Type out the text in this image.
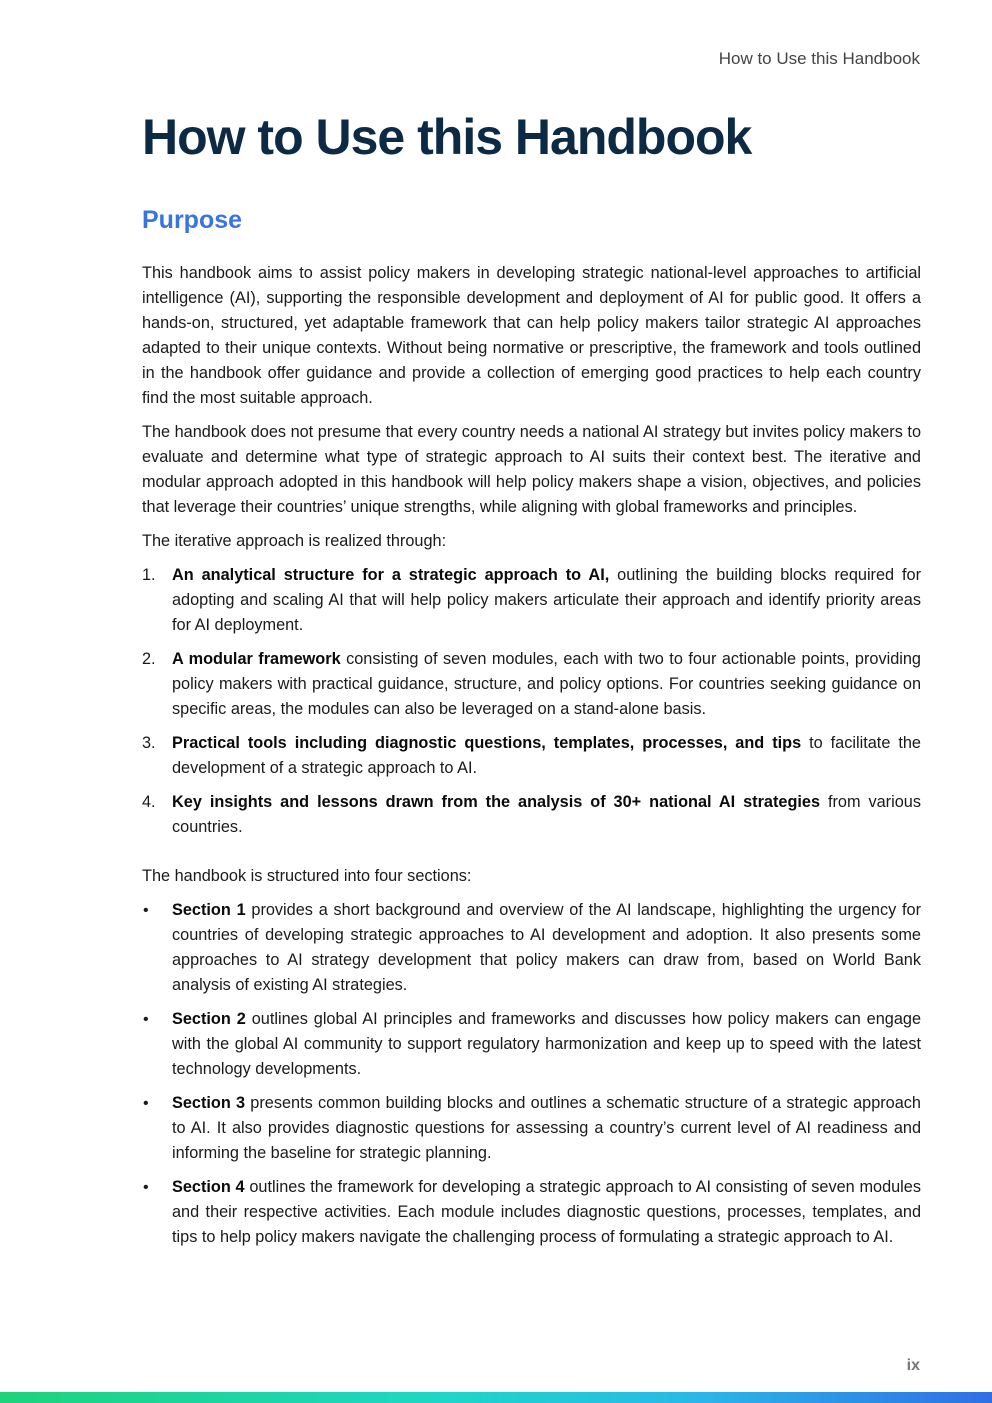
How to Use this Handbook
How to Use this Handbook
Purpose

This handbook aims to assist policy makers in developing strategic national-level approaches to artificial intelligence (AI), supporting the responsible development and deployment of AI for public good. It offers a hands-on, structured, yet adaptable framework that can help policy makers tailor strategic AI approaches adapted to their unique contexts. Without being normative or prescriptive, the framework and tools outlined in the handbook offer guidance and provide a collection of emerging good practices to help each country find the most suitable approach.

The handbook does not presume that every country needs a national AI strategy but invites policy makers to evaluate and determine what type of strategic approach to AI suits their context best. The iterative and modular approach adopted in this handbook will help policy makers shape a vision, objectives, and policies that leverage their countries’ unique strengths, while aligning with global frameworks and principles.

The iterative approach is realized through:

1. An analytical structure for a strategic approach to AI, outlining the building blocks required for adopting and scaling AI that will help policy makers articulate their approach and identify priority areas for AI deployment.
2. A modular framework consisting of seven modules, each with two to four actionable points, providing policy makers with practical guidance, structure, and policy options. For countries seeking guidance on specific areas, the modules can also be leveraged on a stand-alone basis.
3. Practical tools including diagnostic questions, templates, processes, and tips to facilitate the development of a strategic approach to AI.
4. Key insights and lessons drawn from the analysis of 30+ national AI strategies from various countries.

The handbook is structured into four sections:

• Section 1 provides a short background and overview of the AI landscape, highlighting the urgency for countries of developing strategic approaches to AI development and adoption. It also presents some approaches to AI strategy development that policy makers can draw from, based on World Bank analysis of existing AI strategies.
• Section 2 outlines global AI principles and frameworks and discusses how policy makers can engage with the global AI community to support regulatory harmonization and keep up to speed with the latest technology developments.
• Section 3 presents common building blocks and outlines a schematic structure of a strategic approach to AI. It also provides diagnostic questions for assessing a country’s current level of AI readiness and informing the baseline for strategic planning.
• Section 4 outlines the framework for developing a strategic approach to AI consisting of seven modules and their respective activities. Each module includes diagnostic questions, processes, templates, and tips to help policy makers navigate the challenging process of formulating a strategic approach to AI.
ix
